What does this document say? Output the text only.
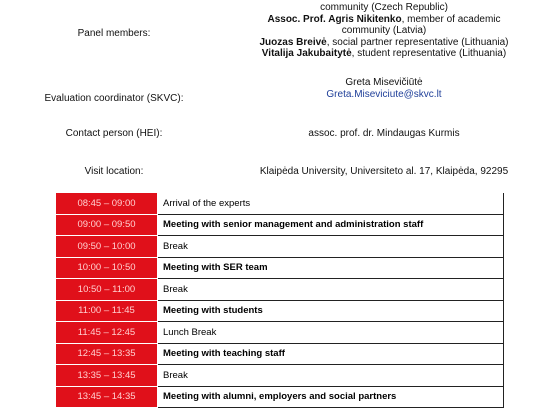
Panel members:
community (Czech Republic)
Assoc. Prof. Agris Nikitenko, member of academic
community (Latvia)
Juozas Breivė, social partner representative (Lithuania)
Vitalija Jakubaitytė, student representative (Lithuania)
Evaluation coordinator (SKVC):
Greta Misevičiūtė
Greta.Miseviciute@skvc.lt
Contact person (HEI):	assoc. prof. dr. Mindaugas Kurmis
Visit location:	Klaipėda University, Universiteto al. 17, Klaipėda, 92295
08:45 – 09:00	Arrival of the experts
09:00 – 09:50	Meeting with senior management and administration staff
09:50 – 10:00	Break
10:00 – 10:50	Meeting with SER team
10:50 – 11:00	Break
11:00 – 11:45	Meeting with students
11:45 – 12:45	Lunch Break
12:45 – 13:35	Meeting with teaching staff
13:35 – 13:45	Break
13:45 – 14:35	Meeting with alumni, employers and social partners
